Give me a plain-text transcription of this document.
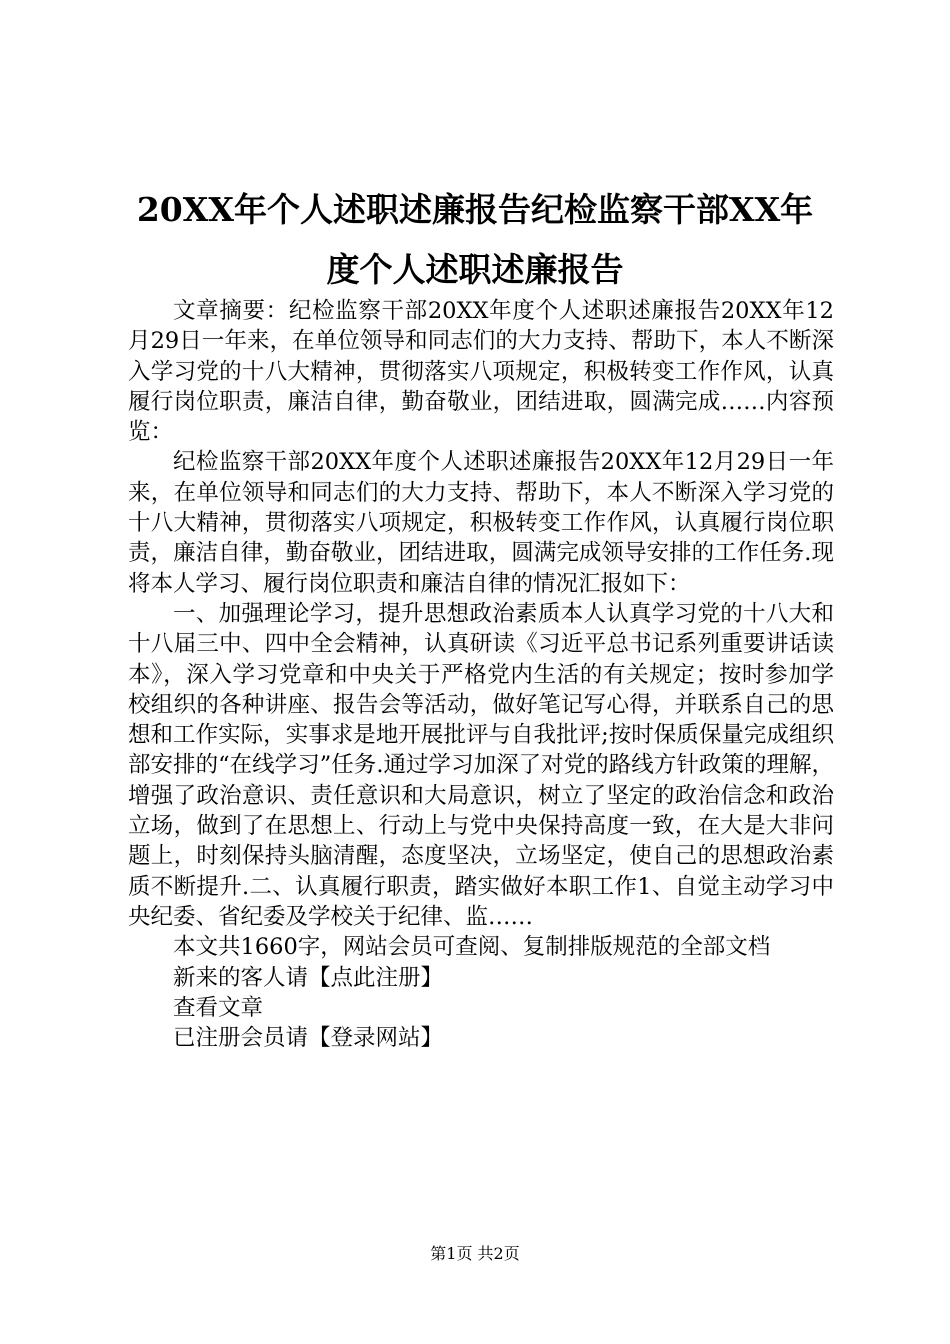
20XX年个人述职述廉报告纪检监察干部XX年
度个人述职述廉报告

文章摘要：纪检监察干部20XX年度个人述职述廉报告20XX年12月29日一年来，在单位领导和同志们的大力支持、帮助下，本人不断深入学习党的十八大精神，贯彻落实八项规定，积极转变工作作风，认真履行岗位职责，廉洁自律，勤奋敬业，团结进取，圆满完成……内容预览：

纪检监察干部20XX年度个人述职述廉报告20XX年12月29日一年来，在单位领导和同志们的大力支持、帮助下，本人不断深入学习党的十八大精神，贯彻落实八项规定，积极转变工作作风，认真履行岗位职责，廉洁自律，勤奋敬业，团结进取，圆满完成领导安排的工作任务.现将本人学习、履行岗位职责和廉洁自律的情况汇报如下：

一、加强理论学习，提升思想政治素质本人认真学习党的十八大和十八届三中、四中全会精神，认真研读《习近平总书记系列重要讲话读本》，深入学习党章和中央关于严格党内生活的有关规定；按时参加学校组织的各种讲座、报告会等活动，做好笔记写心得，并联系自己的思想和工作实际，实事求是地开展批评与自我批评;按时保质保量完成组织部安排的“在线学习”任务.通过学习加深了对党的路线方针政策的理解，增强了政治意识、责任意识和大局意识，树立了坚定的政治信念和政治立场，做到了在思想上、行动上与党中央保持高度一致，在大是大非问题上，时刻保持头脑清醒，态度坚决，立场坚定，使自己的思想政治素质不断提升.二、认真履行职责，踏实做好本职工作1、自觉主动学习中央纪委、省纪委及学校关于纪律、监……

本文共1660字，网站会员可查阅、复制排版规范的全部文档

新来的客人请【点此注册】

查看文章

已注册会员请【登录网站】

第1页 共2页
